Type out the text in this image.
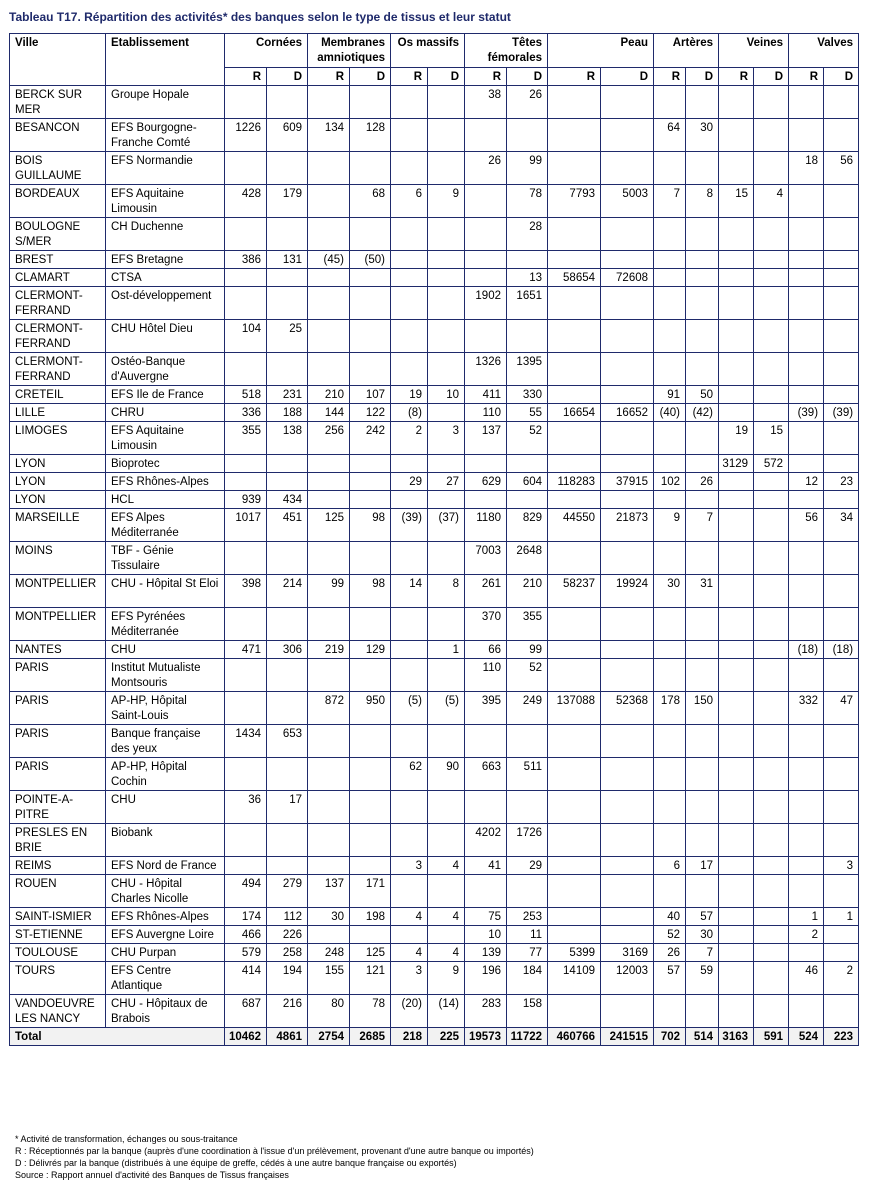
Tableau T17. Répartition des activités* des banques selon le type de tissus et leur statut
Ville	Etablissement	Cornées		Membranes amniotiques		Os massifs		Têtes fémorales		Peau		Artères		Veines		Valves	
		R	D	R	D	R	D	R	D	R	D	R	D	R	D	R	D
BERCK SUR MER	Groupe Hopale							38	26								
BESANCON	EFS Bourgogne-Franche Comté	1226	609	134	128							64	30				
BOIS GUILLAUME	EFS Normandie							26	99							18	56
BORDEAUX	EFS Aquitaine Limousin	428	179		68	6	9		78	7793	5003	7	8	15	4		
BOULOGNE S/MER	CH Duchenne								28								
BREST	EFS Bretagne	386	131	(45)	(50)												
CLAMART	CTSA								13	58654	72608						
CLERMONT-FERRAND	Ost-développement							1902	1651								
CLERMONT-FERRAND	CHU Hôtel Dieu	104	25														
CLERMONT-FERRAND	Ostéo-Banque d'Auvergne							1326	1395								
CRETEIL	EFS Ile de France	518	231	210	107	19	10	411	330			91	50				
LILLE	CHRU	336	188	144	122	(8)		110	55	16654	16652	(40)	(42)			(39)	(39)
LIMOGES	EFS Aquitaine Limousin	355	138	256	242	2	3	137	52					19	15		
LYON	Bioprotec													3129	572		
LYON	EFS Rhônes-Alpes					29	27	629	604	118283	37915	102	26			12	23
LYON	HCL	939	434														
MARSEILLE	EFS Alpes Méditerranée	1017	451	125	98	(39)	(37)	1180	829	44550	21873	9	7			56	34
MOINS	TBF - Génie Tissulaire							7003	2648								
MONTPELLIER	CHU - Hôpital St Eloi	398	214	99	98	14	8	261	210	58237	19924	30	31				
MONTPELLIER	EFS Pyrénées Méditerranée							370	355								
NANTES	CHU	471	306	219	129		1	66	99							(18)	(18)
PARIS	Institut Mutualiste Montsouris							110	52								
PARIS	AP-HP, Hôpital Saint-Louis			872	950	(5)	(5)	395	249	137088	52368	178	150			332	47
PARIS	Banque française des yeux	1434	653														
PARIS	AP-HP, Hôpital Cochin					62	90	663	511								
POINTE-A-PITRE	CHU	36	17														
PRESLES EN BRIE	Biobank							4202	1726								
REIMS	EFS Nord de France					3	4	41	29			6	17				3
ROUEN	CHU - Hôpital Charles Nicolle	494	279	137	171												
SAINT-ISMIER	EFS Rhônes-Alpes	174	112	30	198	4	4	75	253			40	57			1	1
ST-ETIENNE	EFS Auvergne Loire	466	226					10	11			52	30			2	
TOULOUSE	CHU Purpan	579	258	248	125	4	4	139	77	5399	3169	26	7				
TOURS	EFS Centre Atlantique	414	194	155	121	3	9	196	184	14109	12003	57	59			46	2
VANDOEUVRE LES NANCY	CHU - Hôpitaux de Brabois	687	216	80	78	(20)	(14)	283	158								
Total		10462	4861	2754	2685	218	225	19573	11722	460766	241515	702	514	3163	591	524	223
* Activité de transformation, échanges ou sous-traitance
R : Réceptionnés par la banque (auprès d'une coordination à l'issue d'un prélèvement, provenant d'une autre banque ou importés)
D : Délivrés par la banque (distribués à une équipe de greffe, cédés à une autre banque française ou exportés)
Source : Rapport annuel d'activité des Banques de Tissus françaises
